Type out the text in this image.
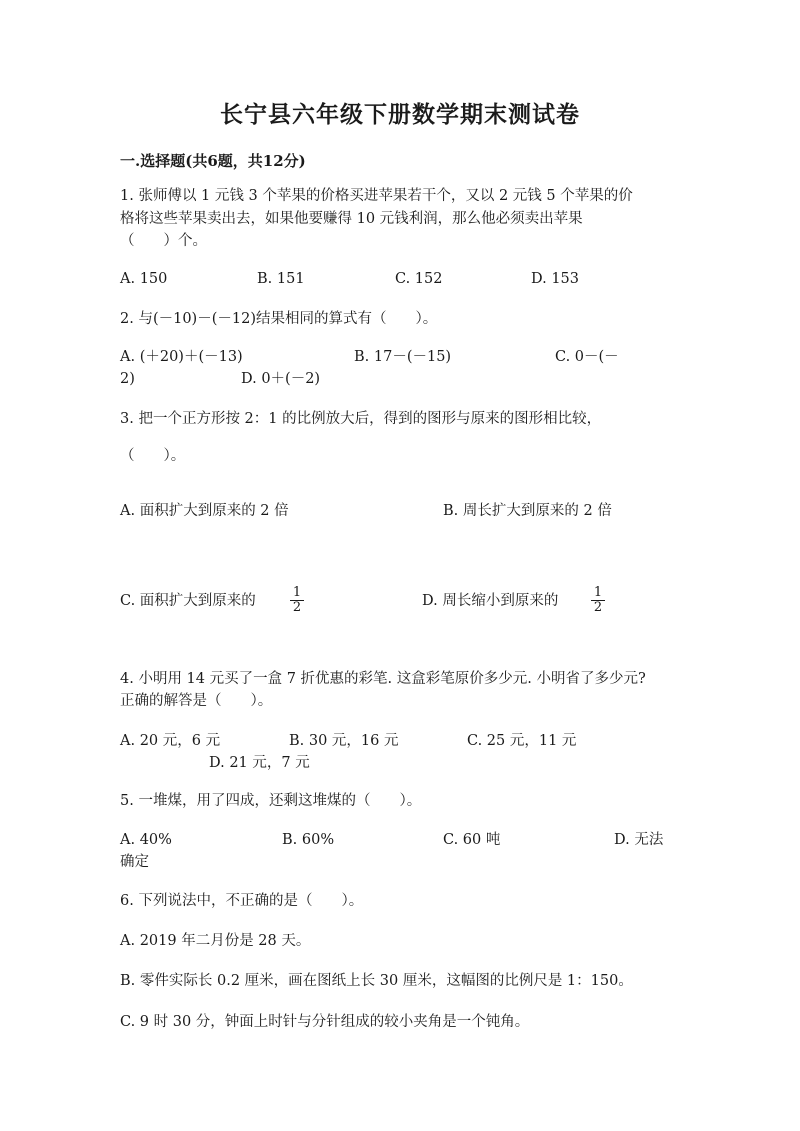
长宁县六年级下册数学期末测试卷
一.选择题(共6题，共12分)
1. 张师傅以 1 元钱 3 个苹果的价格买进苹果若干个，又以 2 元钱 5 个苹果的价
格将这些苹果卖出去，如果他要赚得 10 元钱利润，那么他必须卖出苹果
（　　）个。
A. 150	B. 151	C. 152	D. 153
2. 与(－10)－(－12)结果相同的算式有（　　）。
A. (＋20)＋(－13)	B. 17－(－15)	C. 0－(－
2)	D. 0＋(－2)
3. 把一个正方形按 2：1 的比例放大后，得到的图形与原来的图形相比较，
（　　）。
A. 面积扩大到原来的 2 倍	B. 周长扩大到原来的 2 倍
C. 面积扩大到原来的	$\frac{1}{2}$	D. 周长缩小到原来的	$\frac{1}{2}$
4. 小明用 14 元买了一盒 7 折优惠的彩笔. 这盒彩笔原价多少元. 小明省了多少元?
正确的解答是（　　）。
A. 20 元，6 元	B. 30 元，16 元	C. 25 元，11 元
D. 21 元，7 元
5. 一堆煤，用了四成，还剩这堆煤的（　　）。
A. 40%	B. 60%	C. 60 吨	D. 无法
确定
6. 下列说法中，不正确的是（　　）。
A. 2019 年二月份是 28 天。
B. 零件实际长 0.2 厘米，画在图纸上长 30 厘米，这幅图的比例尺是 1：150。
C. 9 时 30 分，钟面上时针与分针组成的较小夹角是一个钝角。
